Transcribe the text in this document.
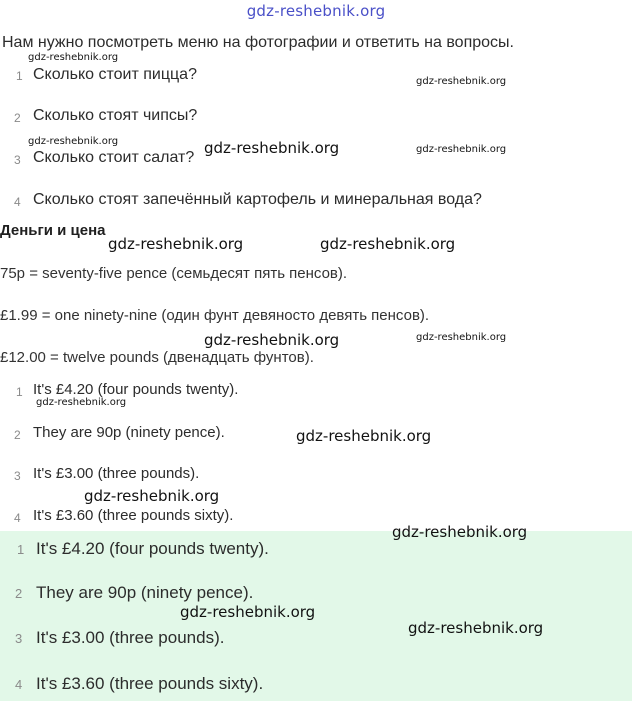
gdz-reshebnik.org
Нам нужно посмотреть меню на фотографии и ответить на вопросы.
1 Сколько стоит пицца?
2 Сколько стоят чипсы?
3 Сколько стоит салат?
4 Сколько стоят запечённый картофель и минеральная вода?
Деньги и цена
75p = seventy-five pence (семьдесят пять пенсов).
£1.99 = one ninety-nine (один фунт девяносто девять пенсов).
£12.00 = twelve pounds (двенадцать фунтов).
1 It's £4.20 (four pounds twenty).
2 They are 90p (ninety pence).
3 It's £3.00 (three pounds).
4 It's £3.60 (three pounds sixty).
1 It's £4.20 (four pounds twenty).
2 They are 90p (ninety pence).
3 It's £3.00 (three pounds).
4 It's £3.60 (three pounds sixty).
gdz-reshebnik.org
gdz-reshebnik.org
gdz-reshebnik.org	gdz-reshebnik.org	gdz-reshebnik.org
gdz-reshebnik.org	gdz-reshebnik.org
gdz-reshebnik.org	gdz-reshebnik.org
gdz-reshebnik.org
gdz-reshebnik.org
gdz-reshebnik.org
gdz-reshebnik.org
gdz-reshebnik.org
gdz-reshebnik.org
